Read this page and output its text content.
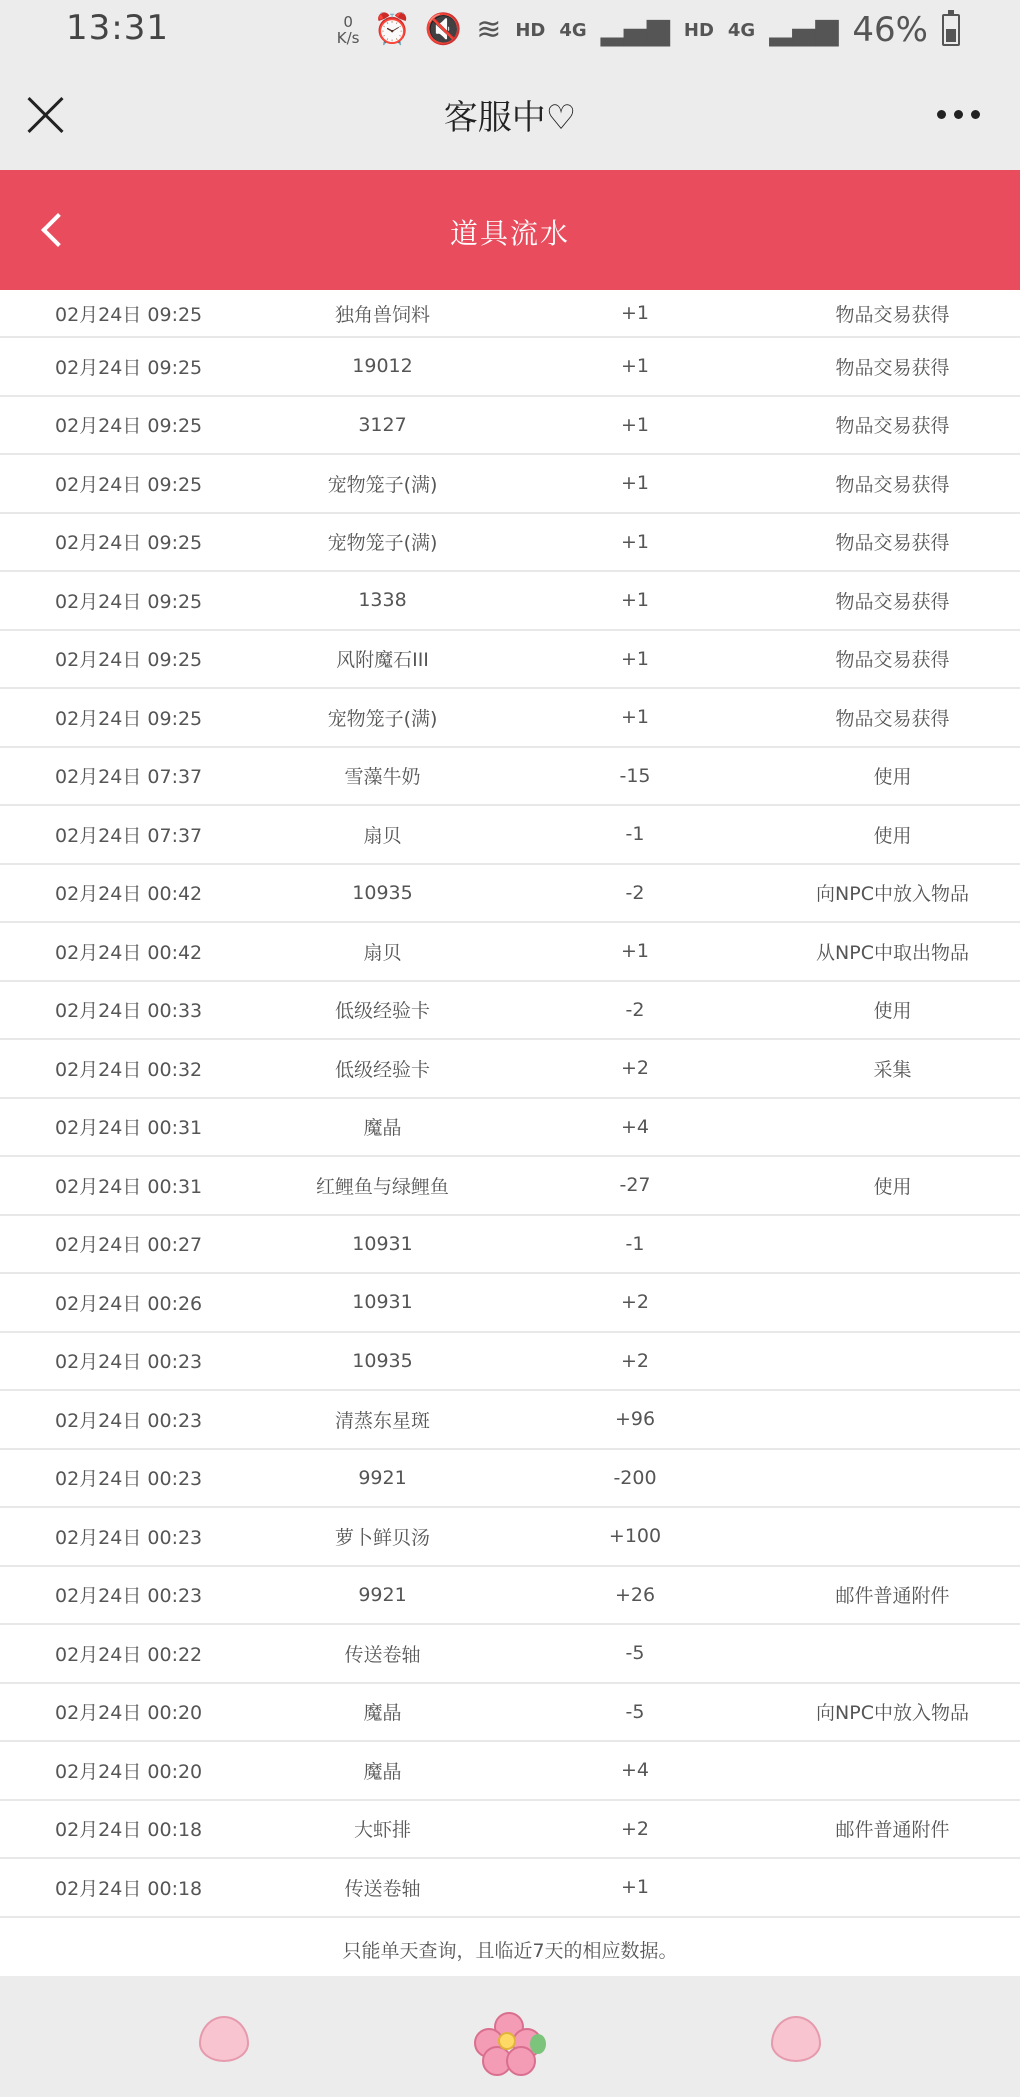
13:31	0
K/s ⏰ 🔇 ≋ HD 4G ▂▄▆ HD 4G ▂▄▆ 46%
客服中♡
道具流水
02月24日 09:25	独角兽饲料	+1	物品交易获得
02月24日 09:25	19012	+1	物品交易获得
02月24日 09:25	3127	+1	物品交易获得
02月24日 09:25	宠物笼子(满)	+1	物品交易获得
02月24日 09:25	宠物笼子(满)	+1	物品交易获得
02月24日 09:25	1338	+1	物品交易获得
02月24日 09:25	风附魔石III	+1	物品交易获得
02月24日 09:25	宠物笼子(满)	+1	物品交易获得
02月24日 07:37	雪藻牛奶	-15	使用
02月24日 07:37	扇贝	-1	使用
02月24日 00:42	10935	-2	向NPC中放入物品
02月24日 00:42	扇贝	+1	从NPC中取出物品
02月24日 00:33	低级经验卡	-2	使用
02月24日 00:32	低级经验卡	+2	采集
02月24日 00:31	魔晶	+4
02月24日 00:31	红鲤鱼与绿鲤鱼	-27	使用
02月24日 00:27	10931	-1
02月24日 00:26	10931	+2
02月24日 00:23	10935	+2
02月24日 00:23	清蒸东星斑	+96
02月24日 00:23	9921	-200
02月24日 00:23	萝卜鲜贝汤	+100
02月24日 00:23	9921	+26	邮件普通附件
02月24日 00:22	传送卷轴	-5
02月24日 00:20	魔晶	-5	向NPC中放入物品
02月24日 00:20	魔晶	+4
02月24日 00:18	大虾排	+2	邮件普通附件
02月24日 00:18	传送卷轴	+1
只能单天查询，且临近7天的相应数据。
